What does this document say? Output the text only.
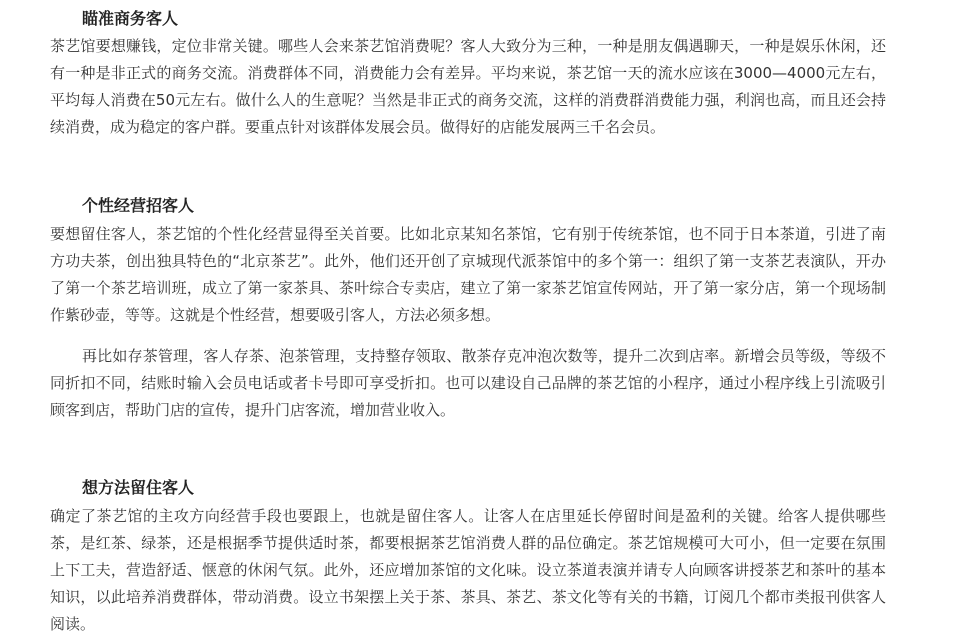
瞄准商务客人

茶艺馆要想赚钱，定位非常关键。哪些人会来茶艺馆消费呢？客人大致分为三种，一种是朋友偶遇聊天，一种是娱乐休闲，还有一种是非正式的商务交流。消费群体不同，消费能力会有差异。平均来说，茶艺馆一天的流水应该在3000—4000元左右，平均每人消费在50元左右。做什么人的生意呢？当然是非正式的商务交流，这样的消费群消费能力强，利润也高，而且还会持续消费，成为稳定的客户群。要重点针对该群体发展会员。做得好的店能发展两三千名会员。

个性经营招客人

要想留住客人，茶艺馆的个性化经营显得至关首要。比如北京某知名茶馆，它有别于传统茶馆，也不同于日本茶道，引进了南方功夫茶，创出独具特色的“北京茶艺”。此外，他们还开创了京城现代派茶馆中的多个第一：组织了第一支茶艺表演队，开办了第一个茶艺培训班，成立了第一家茶具、茶叶综合专卖店，建立了第一家茶艺馆宣传网站，开了第一家分店，第一个现场制作紫砂壶，等等。这就是个性经营，想要吸引客人，方法必须多想。

再比如存茶管理，客人存茶、泡茶管理，支持整存领取、散茶存克冲泡次数等，提升二次到店率。新增会员等级，等级不同折扣不同，结账时输入会员电话或者卡号即可享受折扣。也可以建设自己品牌的茶艺馆的小程序，通过小程序线上引流吸引顾客到店，帮助门店的宣传，提升门店客流，增加营业收入。

想方法留住客人

确定了茶艺馆的主攻方向经营手段也要跟上，也就是留住客人。让客人在店里延长停留时间是盈利的关键。给客人提供哪些茶，是红茶、绿茶，还是根据季节提供适时茶，都要根据茶艺馆消费人群的品位确定。茶艺馆规模可大可小，但一定要在氛围上下工夫，营造舒适、惬意的休闲气氛。此外，还应增加茶馆的文化味。设立茶道表演并请专人向顾客讲授茶艺和茶叶的基本知识，以此培养消费群体，带动消费。设立书架摆上关于茶、茶具、茶艺、茶文化等有关的书籍，订阅几个都市类报刊供客人阅读。
